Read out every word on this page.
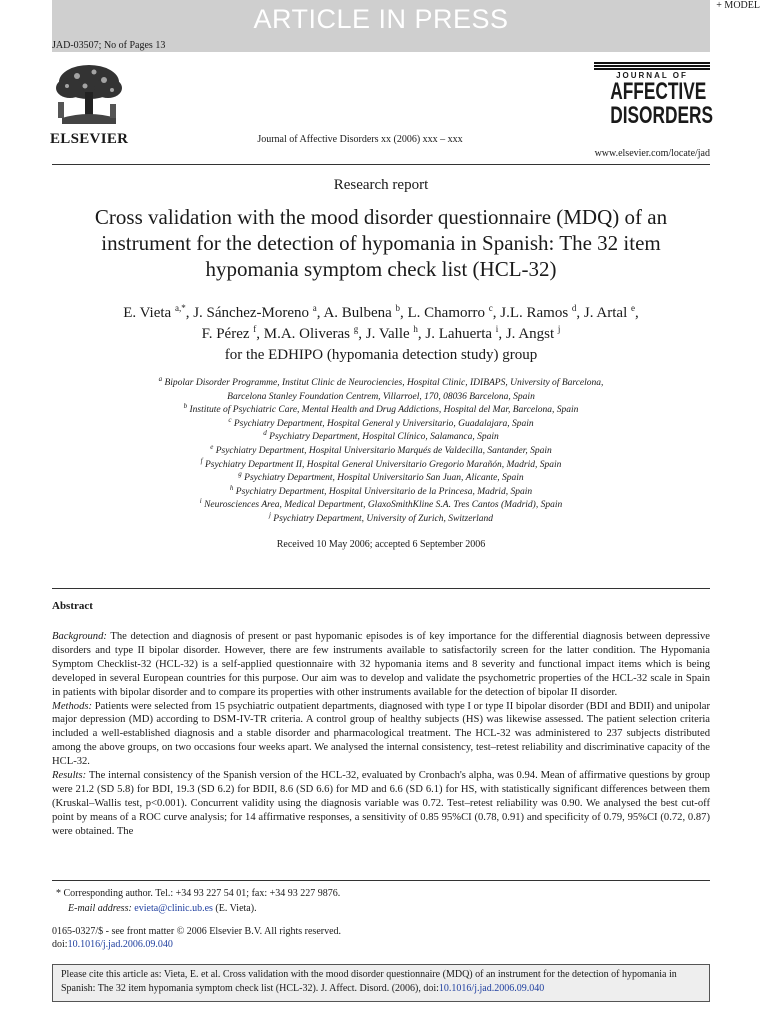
ARTICLE IN PRESS	+ MODEL
JAD-03507; No of Pages 13
ELSEVIER	Journal of Affective Disorders xx (2006) xxx – xxx
JOURNAL OF
AFFECTIVE
DISORDERS
www.elsevier.com/locate/jad
Research report
Cross validation with the mood disorder questionnaire (MDQ) of an instrument for the detection of hypomania in Spanish: The 32 item hypomania symptom check list (HCL-32)
E. Vieta $^{a,*}$, J. Sánchez-Moreno $^a$, A. Bulbena $^b$, L. Chamorro $^c$, J.L. Ramos $^d$, J. Artal $^e$,
F. Pérez $^f$, M.A. Oliveras $^g$, J. Valle $^h$, J. Lahuerta $^i$, J. Angst $^j$
for the EDHIPO (hypomania detection study) group
$^a$ Bipolar Disorder Programme, Institut Clinic de Neurociencies, Hospital Clinic, IDIBAPS, University of Barcelona,
Barcelona Stanley Foundation Centrem, Villarroel, 170, 08036 Barcelona, Spain
$^b$ Institute of Psychiatric Care, Mental Health and Drug Addictions, Hospital del Mar, Barcelona, Spain
$^c$ Psychiatry Department, Hospital General y Universitario, Guadalajara, Spain
$^d$ Psychiatry Department, Hospital Clínico, Salamanca, Spain
$^e$ Psychiatry Department, Hospital Universitario Marqués de Valdecilla, Santander, Spain
$^f$ Psychiatry Department II, Hospital General Universitario Gregorio Marañón, Madrid, Spain
$^g$ Psychiatry Department, Hospital Universitario San Juan, Alicante, Spain
$^h$ Psychiatry Department, Hospital Universitario de la Princesa, Madrid, Spain
$^i$ Neurosciences Area, Medical Department, GlaxoSmithKline S.A. Tres Cantos (Madrid), Spain
$^j$ Psychiatry Department, University of Zurich, Switzerland
Received 10 May 2006; accepted 6 September 2006
Abstract

Background: The detection and diagnosis of present or past hypomanic episodes is of key importance for the differential diagnosis between depressive disorders and type II bipolar disorder. However, there are few instruments available to satisfactorily screen for the latter condition. The Hypomania Symptom Checklist-32 (HCL-32) is a self-applied questionnaire with 32 hypomania items and 8 severity and functional impact items which is being developed in several European countries for this purpose. Our aim was to develop and validate the psychometric properties of the HCL-32 scale in Spain in patients with bipolar disorder and to compare its properties with other instruments available for the detection of bipolar II disorder.

Methods: Patients were selected from 15 psychiatric outpatient departments, diagnosed with type I or type II bipolar disorder (BDI and BDII) and unipolar major depression (MD) according to DSM-IV-TR criteria. A control group of healthy subjects (HS) was likewise assessed. The patient selection criteria included a well-established diagnosis and a stable disorder and pharmacological treatment. The HCL-32 was administered to 237 subjects distributed among the above groups, on two occasions four weeks apart. We analysed the internal consistency, test–retest reliability and discriminative capacity of the HCL-32.

Results: The internal consistency of the Spanish version of the HCL-32, evaluated by Cronbach's alpha, was 0.94. Mean of affirmative questions by group were 21.2 (SD 5.8) for BDI, 19.3 (SD 6.2) for BDII, 8.6 (SD 6.6) for MD and 6.6 (SD 6.1) for HS, with statistically significant differences between them (Kruskal–Wallis test, p<0.001). Concurrent validity using the diagnosis variable was 0.72. Test–retest reliability was 0.90. We analysed the best cut-off point by means of a ROC curve analysis; for 14 affirmative responses, a sensitivity of 0.85 95%CI (0.78, 0.91) and specificity of 0.79, 95%CI (0.72, 0.87) were obtained. The

* Corresponding author. Tel.: +34 93 227 54 01; fax: +34 93 227 9876.
E-mail address: evieta@clinic.ub.es (E. Vieta).
0165-0327/$ - see front matter © 2006 Elsevier B.V. All rights reserved.
doi:10.1016/j.jad.2006.09.040
Please cite this article as: Vieta, E. et al. Cross validation with the mood disorder questionnaire (MDQ) of an instrument for the detection of hypomania in Spanish: The 32 item hypomania symptom check list (HCL-32). J. Affect. Disord. (2006), doi:10.1016/j.jad.2006.09.040
